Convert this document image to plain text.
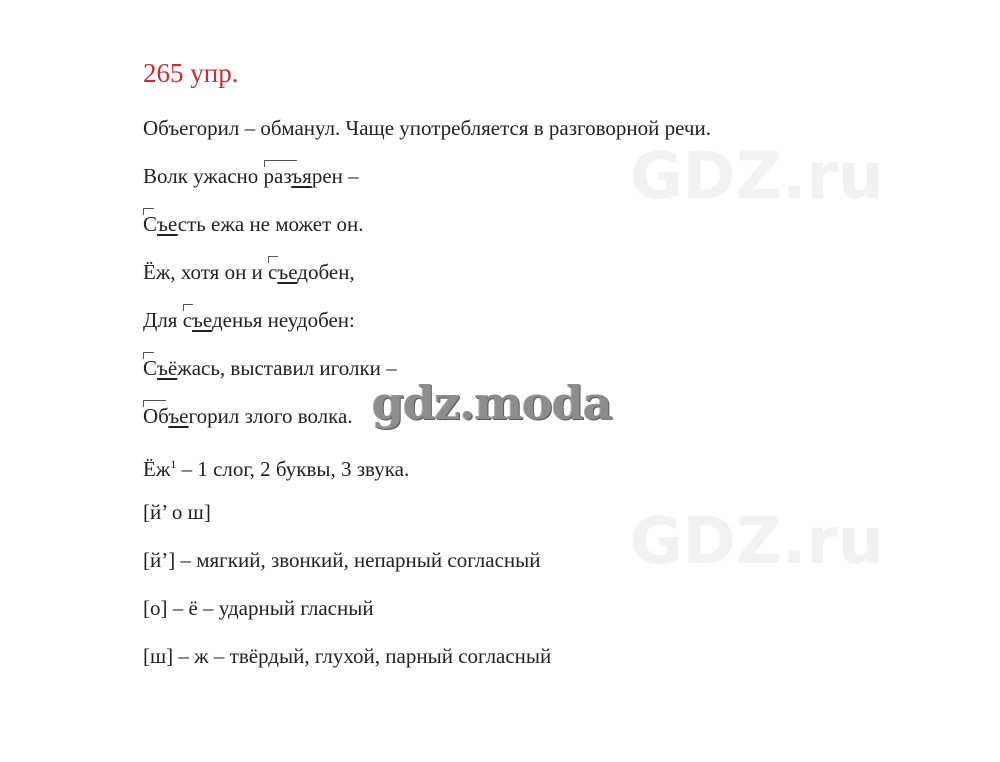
GDZ.ru
GDZ.ru
265 упр.
Объегорил – обманул. Чаще употребляется в разговорной речи.
Волк ужасно разъярен –
Съесть ежа не может он.
Ёж, хотя он и съедобен,
Для съеденья неудобен:
Съёжась, выставил иголки –
Объегорил злого волка.
$Ёж^1 - 1$ слог, 2 буквы, 3 звука.
[й’ о ш]
[й’] – мягкий, звонкий, непарный согласный
[о] – ё – ударный гласный
[ш] – ж – твёрдый, глухой, парный согласный
gdz.moda
